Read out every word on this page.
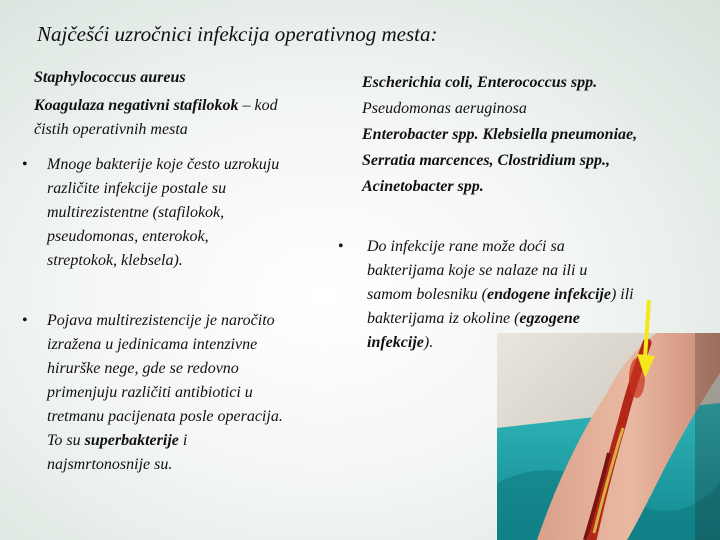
Najčešći uzročnici infekcija operativnog mesta:
Staphylococcus aureus
Koagulaza negativni stafilokok – kod
čistih operativnih mesta
• Mnoge bakterije koje često uzrokuju
različite infekcije postale su
multirezistentne (stafilokok,
pseudomonas, enterokok,
streptokok, klebsela).
• Pojava multirezistencije je naročito
izražena u jedinicama intenzivne
hirurške nege, gde se redovno
primenjuju različiti antibiotici u
tretmanu pacijenata posle operacija.
To su superbakterije i
najsmrtonosnije su.
Escherichia coli, Enterococcus spp.
Pseudomonas aeruginosa
Enterobacter spp. Klebsiella pneumoniae,
Serratia marcences, Clostridium spp.,
Acinetobacter spp.
• Do infekcije rane može doći sa
bakterijama koje se nalaze na ili u
samom bolesniku (endogene infekcije) ili
bakterijama iz okoline (egzogene
infekcije).
